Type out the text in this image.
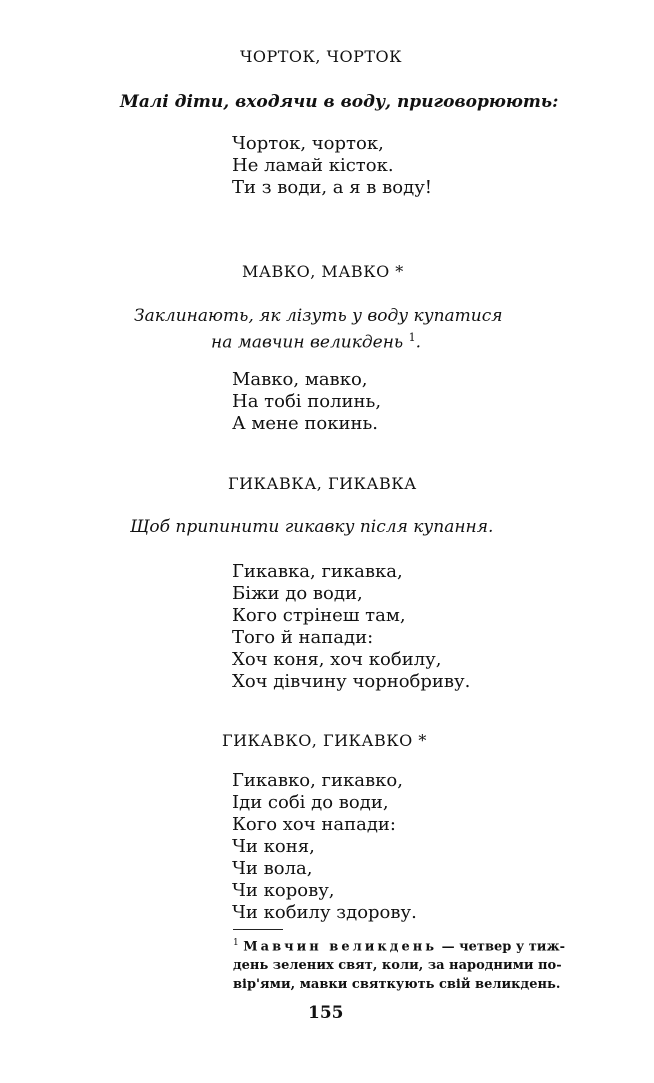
ЧОРТОК, ЧОРТОК
Малі діти, входячи в воду, приговорюють:
Чорток, чорток,
Не ламай кісток.
Ти з води, а я в воду!
МАВКО, МАВКО *
Заклинають, як лізуть у воду купатися
на мавчин великдень $^1$.
Мавко, мавко,
На тобі полинь,
А мене покинь.
ГИКАВКА, ГИКАВКА
Щоб припинити гикавку після купання.
Гикавка, гикавка,
Біжи до води,
Кого стрінеш там,
Того й напади:
Хоч коня, хоч кобилу,
Хоч дівчину чорнобриву.
ГИКАВКО, ГИКАВКО *
Гикавко, гикавко,
Іди собі до води,
Кого хоч напади:
Чи коня,
Чи вола,
Чи корову,
Чи кобилу здорову.
$^1$ Мавчин великдень — четвер у тиж-
день зелених свят, коли, за народними по-
вір'ями, мавки святкують свій великдень.
155
